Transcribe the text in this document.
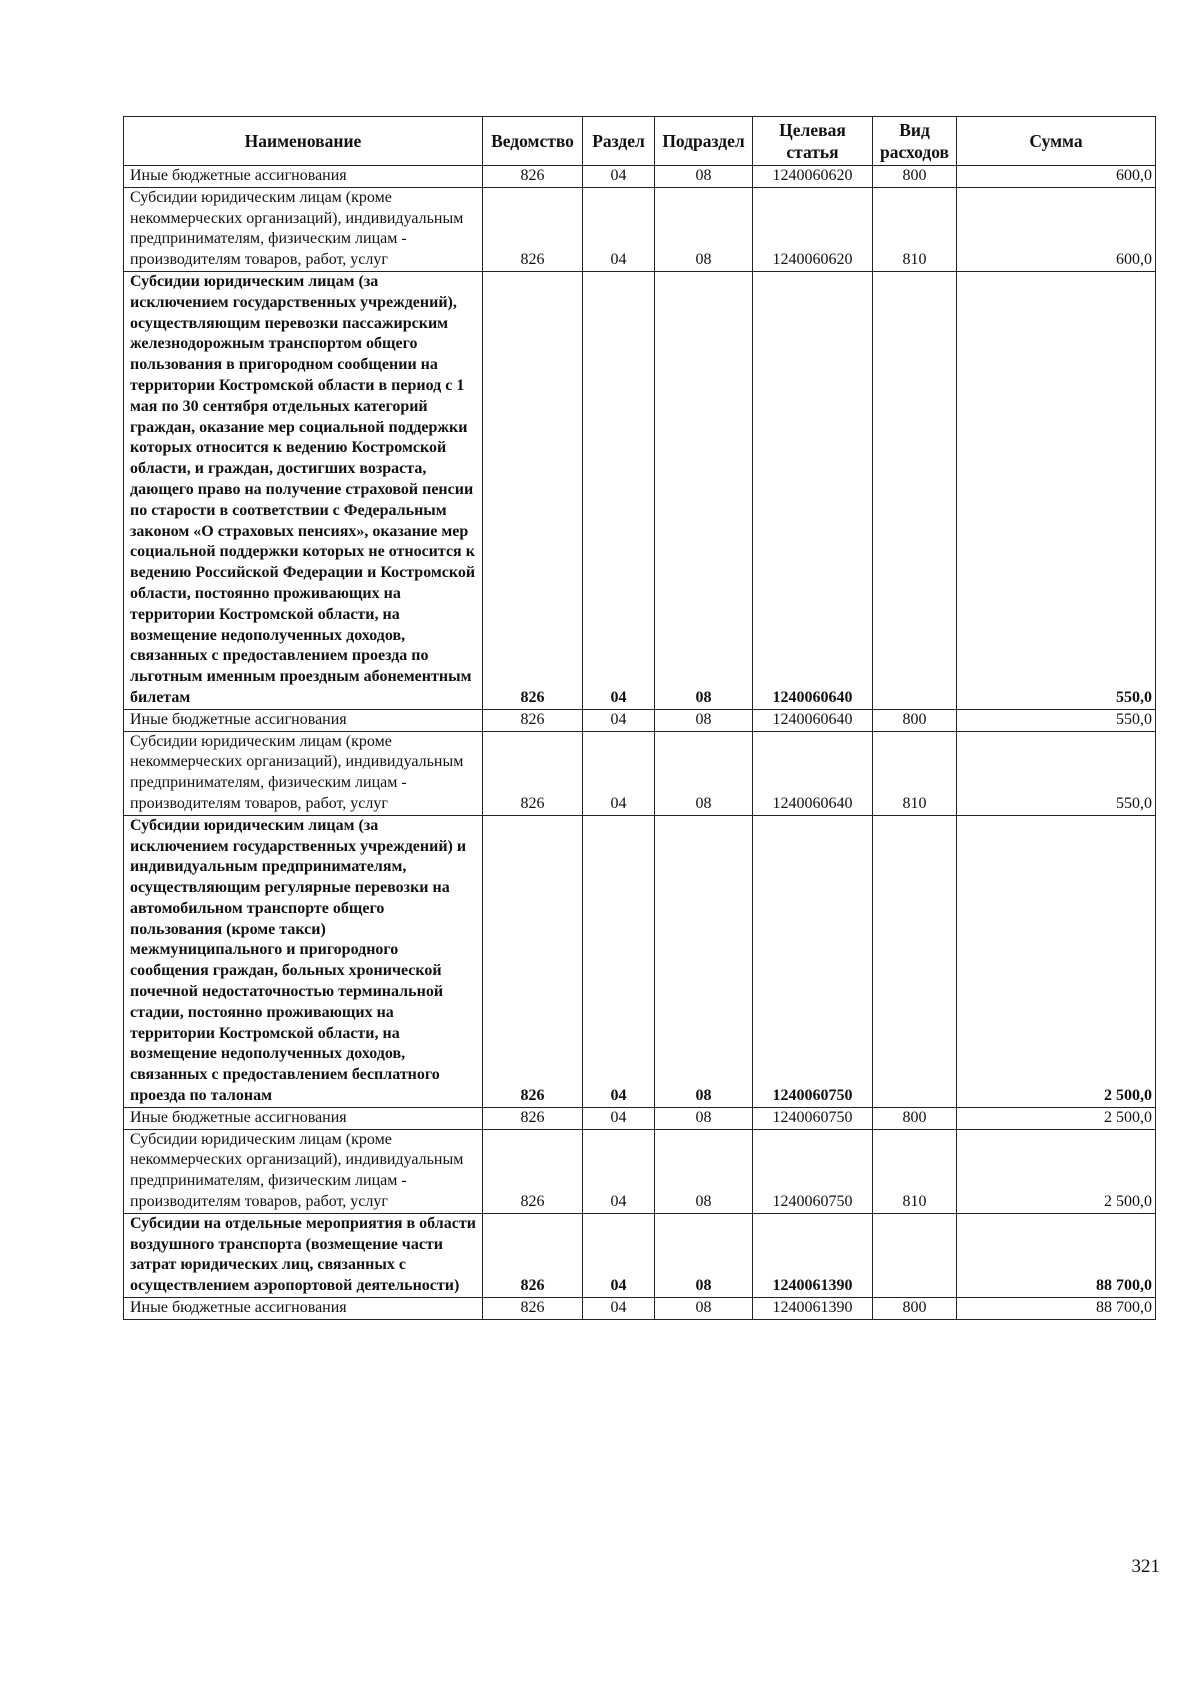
Наименование	Ведомство	Раздел	Подраздел	Целевая статья	Вид расходов	Сумма
Иные бюджетные ассигнования	826	04	08	1240060620	800	600,0
Субсидии юридическим лицам (кроме некоммерческих организаций), индивидуальным предпринимателям, физическим лицам - производителям товаров, работ, услуг	826	04	08	1240060620	810	600,0
Субсидии юридическим лицам (за исключением государственных учреждений), осуществляющим перевозки пассажирским железнодорожным транспортом общего пользования в пригородном сообщении на территории Костромской области в период с 1 мая по 30 сентября отдельных категорий граждан, оказание мер социальной поддержки которых относится к ведению Костромской области, и граждан, достигших возраста, дающего право на получение страховой пенсии по старости в соответствии с Федеральным законом «О страховых пенсиях», оказание мер социальной поддержки которых не относится к ведению Российской Федерации и Костромской области, постоянно проживающих на территории Костромской области, на возмещение недополученных доходов, связанных с предоставлением проезда по льготным именным проездным абонементным билетам	826	04	08	1240060640		550,0
Иные бюджетные ассигнования	826	04	08	1240060640	800	550,0
Субсидии юридическим лицам (кроме некоммерческих организаций), индивидуальным предпринимателям, физическим лицам - производителям товаров, работ, услуг	826	04	08	1240060640	810	550,0
Субсидии юридическим лицам (за исключением государственных учреждений) и индивидуальным предпринимателям, осуществляющим регулярные перевозки на автомобильном транспорте общего пользования (кроме такси) межмуниципального и пригородного сообщения граждан, больных хронической почечной недостаточностью терминальной стадии, постоянно проживающих на территории Костромской области, на возмещение недополученных доходов, связанных с предоставлением бесплатного проезда по талонам	826	04	08	1240060750		2 500,0
Иные бюджетные ассигнования	826	04	08	1240060750	800	2 500,0
Субсидии юридическим лицам (кроме некоммерческих организаций), индивидуальным предпринимателям, физическим лицам - производителям товаров, работ, услуг	826	04	08	1240060750	810	2 500,0
Субсидии на отдельные мероприятия в области воздушного транспорта (возмещение части затрат юридических лиц, связанных с осуществлением аэропортовой деятельности)	826	04	08	1240061390		88 700,0
Иные бюджетные ассигнования	826	04	08	1240061390	800	88 700,0
321
